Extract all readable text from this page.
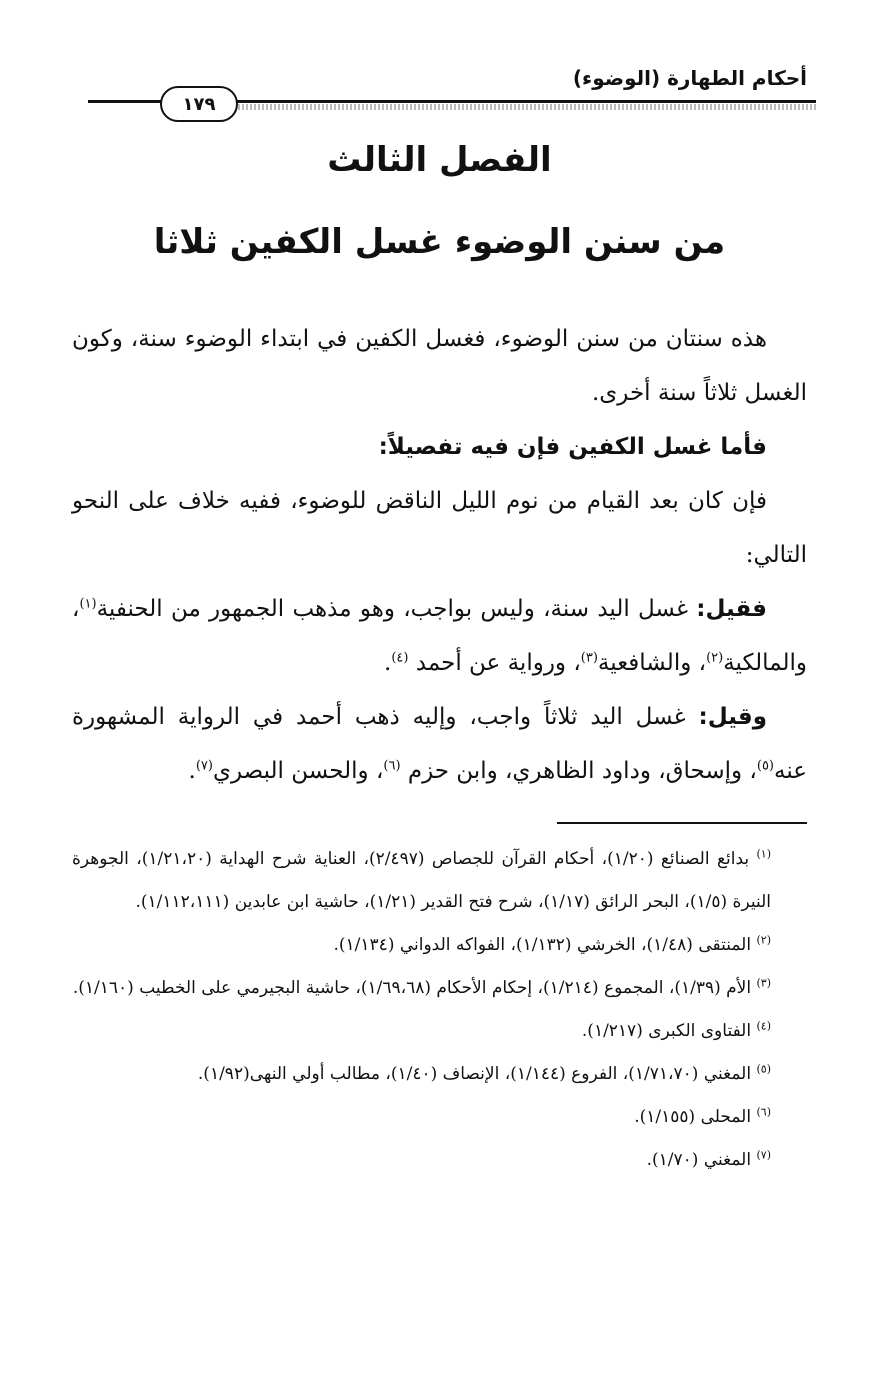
أحكام الطهارة (الوضوء)
١٧٩
الفصل الثالث
من سنن الوضوء غسل الكفين ثلاثا

هذه سنتان من سنن الوضوء، فغسل الكفين في ابتداء الوضوء سنة، وكون الغسل ثلاثاً سنة أخرى.

فأما غسل الكفين فإن فيه تفصيلاً:

فإن كان بعد القيام من نوم الليل الناقض للوضوء، ففيه خلاف على النحو التالي:

فقيل: غسل اليد سنة، وليس بواجب، وهو مذهب الجمهور من الحنفية$^{(١)}$، والمالكية$^{(٢)}$، والشافعية$^{(٣)}$، ورواية عن أحمد $^{(٤)}$.

وقيل: غسل اليد ثلاثاً واجب، وإليه ذهب أحمد في الرواية المشهورة عنه$^{(٥)}$، وإسحاق، وداود الظاهري، وابن حزم $^{(٦)}$، والحسن البصري$^{(٧)}$.

$^{(١)}$ بدائع الصنائع (١/٢٠)، أحكام القرآن للجصاص (٢/٤٩٧)، العناية شرح الهداية (١/٢١،٢٠)، الجوهرة النيرة (١/٥)، البحر الرائق (١/١٧)، شرح فتح القدير (١/٢١)، حاشية ابن عابدين (١/١١٢،١١١).

$^{(٢)}$ المنتقى (١/٤٨)، الخرشي (١/١٣٢)، الفواكه الدواني (١/١٣٤).

$^{(٣)}$ الأم (١/٣٩)، المجموع (١/٢١٤)، إحكام الأحكام (١/٦٩،٦٨)، حاشية البجيرمي على الخطيب (١/١٦٠).

$^{(٤)}$ الفتاوى الكبرى (١/٢١٧).

$^{(٥)}$ المغني (١/٧١،٧٠)، الفروع (١/١٤٤)، الإنصاف (١/٤٠)، مطالب أولي النهى(١/٩٢).

$^{(٦)}$ المحلى (١/١٥٥).

$^{(٧)}$ المغني (١/٧٠).
